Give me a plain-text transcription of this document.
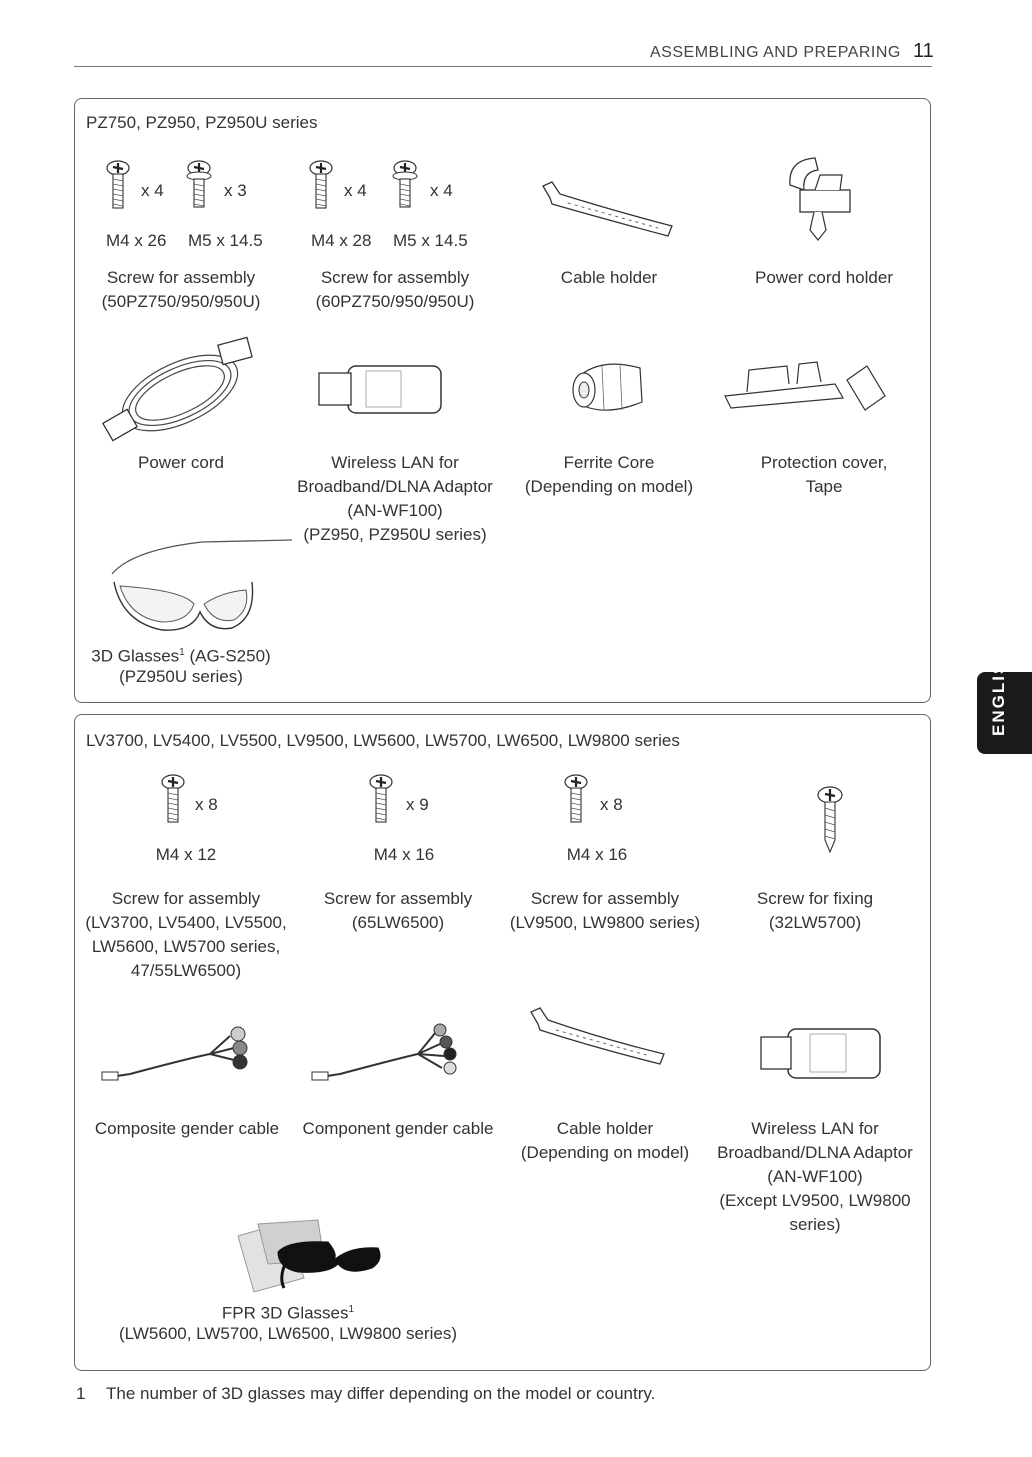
ASSEMBLING AND PREPARING 11
ENGLISH
PZ750, PZ950, PZ950U series
x 4	x 3
M4 x 26 M5 x 14.5
Screw for assembly
(50PZ750/950/950U)
x 4	x 4
M4 x 28 M5 x 14.5
Screw for assembly
(60PZ750/950/950U)
Cable holder	Power cord holder
Power cord	Wireless LAN for
Broadband/DLNA Adaptor
(AN-WF100)
(PZ950, PZ950U series)
Ferrite Core
(Depending on model)
Protection cover,
Tape
3D Glasses$^1$ (AG-S250)
(PZ950U series)
LV3700, LV5400, LV5500, LV9500, LW5600, LW5700, LW6500, LW9800 series
x 8
M4 x 12
Screw for assembly
(LV3700, LV5400, LV5500,
LW5600, LW5700 series,
47/55LW6500)
x 9
M4 x 16
Screw for assembly
(65LW6500)
x 8
M4 x 16
Screw for assembly
(LV9500, LW9800 series)
Screw for fixing
(32LW5700)
Composite gender cable Component gender cable	Cable holder
(Depending on model)
Wireless LAN for
Broadband/DLNA Adaptor
(AN-WF100)
(Except LV9500, LW9800
series)
FPR 3D Glasses$^1$
(LW5600, LW5700, LW6500, LW9800 series)
1 The number of 3D glasses may differ depending on the model or country.
